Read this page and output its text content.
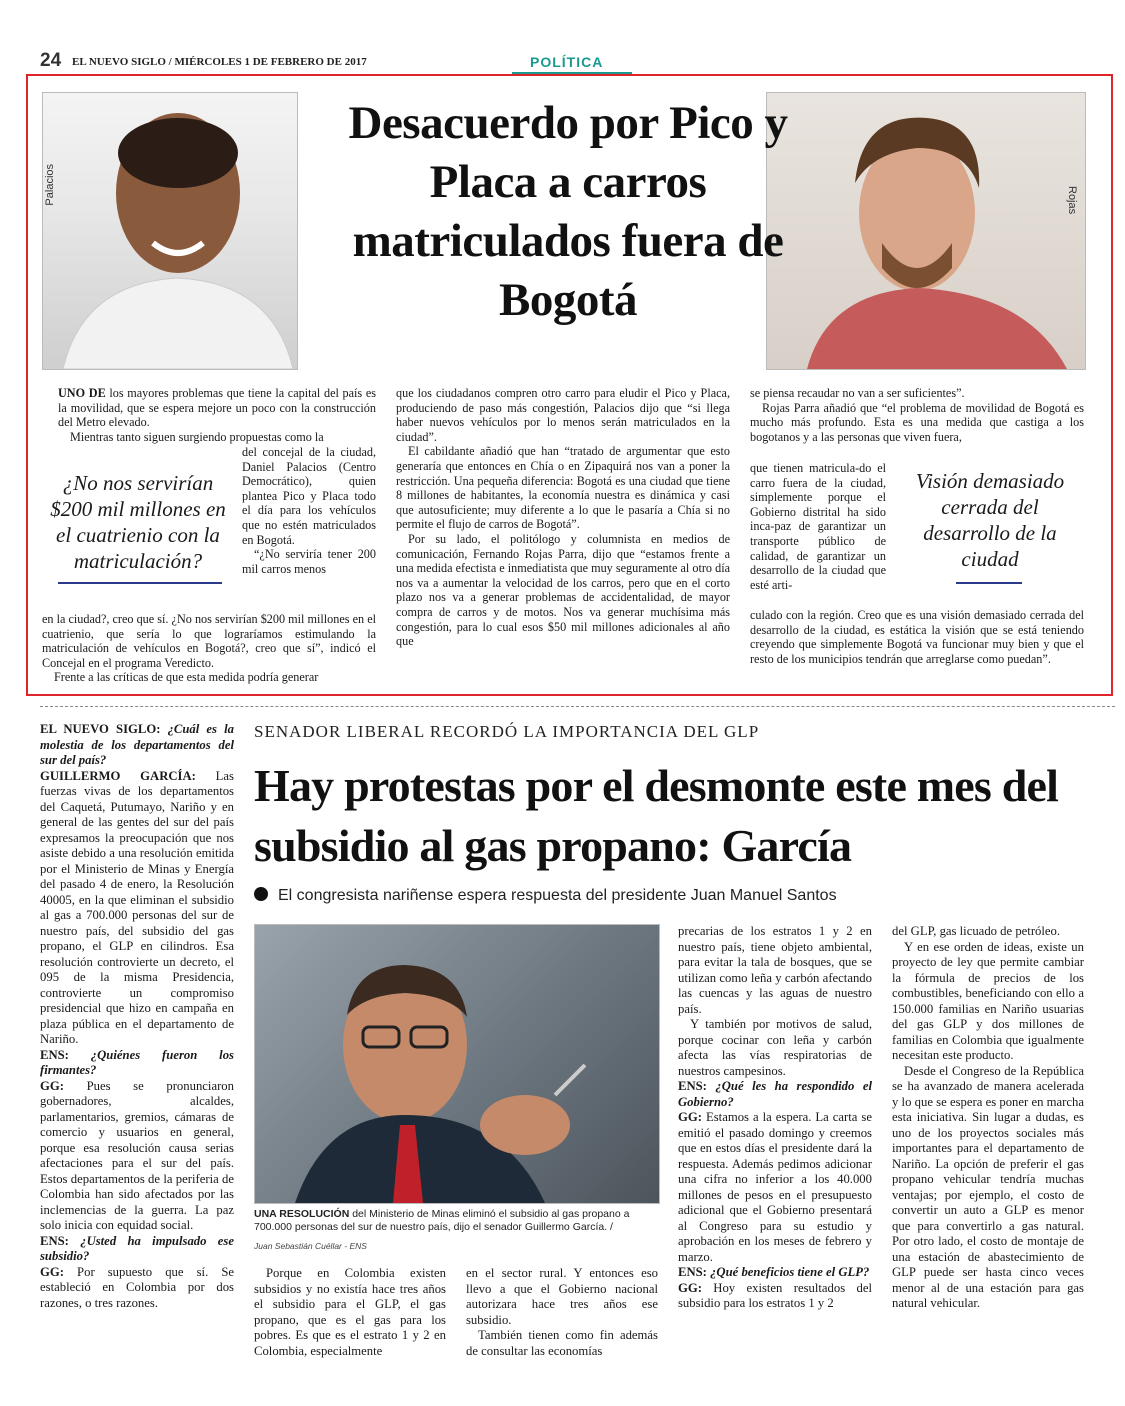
24 EL NUEVO SIGLO / MIÉRCOLES 1 DE FEBRERO DE 2017	POLÍTICA
Palacios	Rojas
Desacuerdo por Pico y Placa a carros matriculados fuera de Bogotá

UNO DE los mayores problemas que tiene la capital del país es la movilidad, que se espera mejore un poco con la construcción del Metro elevado.

Mientras tanto siguen surgiendo propuestas como la

del concejal de la ciudad, Daniel Palacios (Centro Democrático), quien plantea Pico y Placa todo el día para los vehículos que no estén matriculados en Bogotá.

“¿No serviría tener 200 mil carros menos

en la ciudad?, creo que sí. ¿No nos servirían $200 mil millones en el cuatrienio, que sería lo que lograríamos estimulando la matriculación de vehículos en Bogotá?, creo que sí”, indicó el Concejal en el programa Veredicto.

Frente a las críticas de que esta medida podría generar

¿No nos servirían $200 mil millones en el cuatrienio con la matriculación?

que los ciudadanos compren otro carro para eludir el Pico y Placa, produciendo de paso más congestión, Palacios dijo que “si llega haber nuevos vehículos por lo menos serán matriculados en la ciudad”.

El cabildante añadió que han “tratado de argumentar que esto generaría que entonces en Chía o en Zipaquirá nos van a poner la restricción. Una pequeña diferencia: Bogotá es una ciudad que tiene 8 millones de habitantes, la economía nuestra es dinámica y casi que autosuficiente; muy diferente a lo que le pasaría a Chía si no permite el flujo de carros de Bogotá”.

Por su lado, el politólogo y columnista en medios de comunicación, Fernando Rojas Parra, dijo que “estamos frente a una medida efectista e inmediatista que muy seguramente al otro día nos va a aumentar la velocidad de los carros, pero que en el corto plazo nos va a generar problemas de accidentalidad, de mayor compra de carros y de motos. Nos va generar muchísima más congestión, para lo cual esos $50 mil millones adicionales al año que

se piensa recaudar no van a ser suficientes”.

Rojas Parra añadió que “el problema de movilidad de Bogotá es mucho más profundo. Esta es una medida que castiga a los bogotanos y a las personas que viven fuera,

que tienen matricula-do el carro fuera de la ciudad, simplemente porque el Gobierno distrital ha sido inca-paz de garantizar un transporte público de calidad, de garantizar un desarrollo de la ciudad que esté arti-

culado con la región. Creo que es una visión demasiado cerrada del desarrollo de la ciudad, es estática la visión que se está teniendo creyendo que simplemente Bogotá va funcionar muy bien y que el resto de los municipios tendrán que arreglarse como puedan”.

Visión demasiado cerrada del desarrollo de la ciudad
SENADOR LIBERAL RECORDÓ LA IMPORTANCIA DEL GLP
Hay protestas por el desmonte este mes del subsidio al gas propano: García
El congresista nariñense espera respuesta del presidente Juan Manuel Santos

EL NUEVO SIGLO: ¿Cuál es la molestia de los departamentos del sur del país?

GUILLERMO GARCÍA: Las fuerzas vivas de los departamentos del Caquetá, Putumayo, Nariño y en general de las gentes del sur del país expresamos la preocupación que nos asiste debido a una resolución emitida por el Ministerio de Minas y Energía del pasado 4 de enero, la Resolución 40005, en la que eliminan el subsidio al gas a 700.000 personas del sur de nuestro país, del subsidio del gas propano, el GLP en cilindros. Esa resolución controvierte un decreto, el 095 de la misma Presidencia, controvierte un compromiso presidencial que hizo en campaña en plaza pública en el departamento de Nariño.

ENS: ¿Quiénes fueron los firmantes?

GG: Pues se pronunciaron gobernadores, alcaldes, parlamentarios, gremios, cámaras de comercio y usuarios en general, porque esa resolución causa serias afectaciones para el sur del país. Estos departamentos de la periferia de Colombia han sido afectados por las inclemencias de la guerra. La paz solo inicia con equidad social.

ENS: ¿Usted ha impulsado ese subsidio?

GG: Por supuesto que sí. Se estableció en Colombia por dos razones, o tres razones.

UNA RESOLUCIÓN del Ministerio de Minas eliminó el subsidio al gas propano a 700.000 personas del sur de nuestro país, dijo el senador Guillermo García. /
Juan Sebastián Cuéllar - ENS

Porque en Colombia existen subsidios y no existía hace tres años el subsidio para el GLP, el gas propano, que es el gas para los pobres. Es que es el estrato 1 y 2 en Colombia, especialmente

en el sector rural. Y entonces eso llevo a que el Gobierno nacional autorizara hace tres años ese subsidio.

También tienen como fin además de consultar las economías

precarias de los estratos 1 y 2 en nuestro país, tiene objeto ambiental, para evitar la tala de bosques, que se utilizan como leña y carbón afectando las cuencas y las aguas de nuestro país.

Y también por motivos de salud, porque cocinar con leña y carbón afecta las vías respiratorias de nuestros campesinos.

ENS: ¿Qué les ha respondido el Gobierno?

GG: Estamos a la espera. La carta se emitió el pasado domingo y creemos que en estos días el presidente dará la respuesta. Además pedimos adicionar una cifra no inferior a los 40.000 millones de pesos en el presupuesto adicional que el Gobierno presentará al Congreso para su estudio y aprobación en los meses de febrero y marzo.

ENS: ¿Qué beneficios tiene el GLP?

GG: Hoy existen resultados del subsidio para los estratos 1 y 2

del GLP, gas licuado de petróleo.

Y en ese orden de ideas, existe un proyecto de ley que permite cambiar la fórmula de precios de los combustibles, beneficiando con ello a 150.000 familias en Nariño usuarias del gas GLP y dos millones de familias en Colombia que igualmente necesitan este producto.

Desde el Congreso de la República se ha avanzado de manera acelerada y lo que se espera es poner en marcha esta iniciativa. Sin lugar a dudas, es uno de los proyectos sociales más importantes para el departamento de Nariño. La opción de preferir el gas propano vehicular tendría muchas ventajas; por ejemplo, el costo de convertir un auto a GLP es menor que para convertirlo a gas natural. Por otro lado, el costo de montaje de una estación de abastecimiento de GLP puede ser hasta cinco veces menor al de una estación para gas natural vehicular.
